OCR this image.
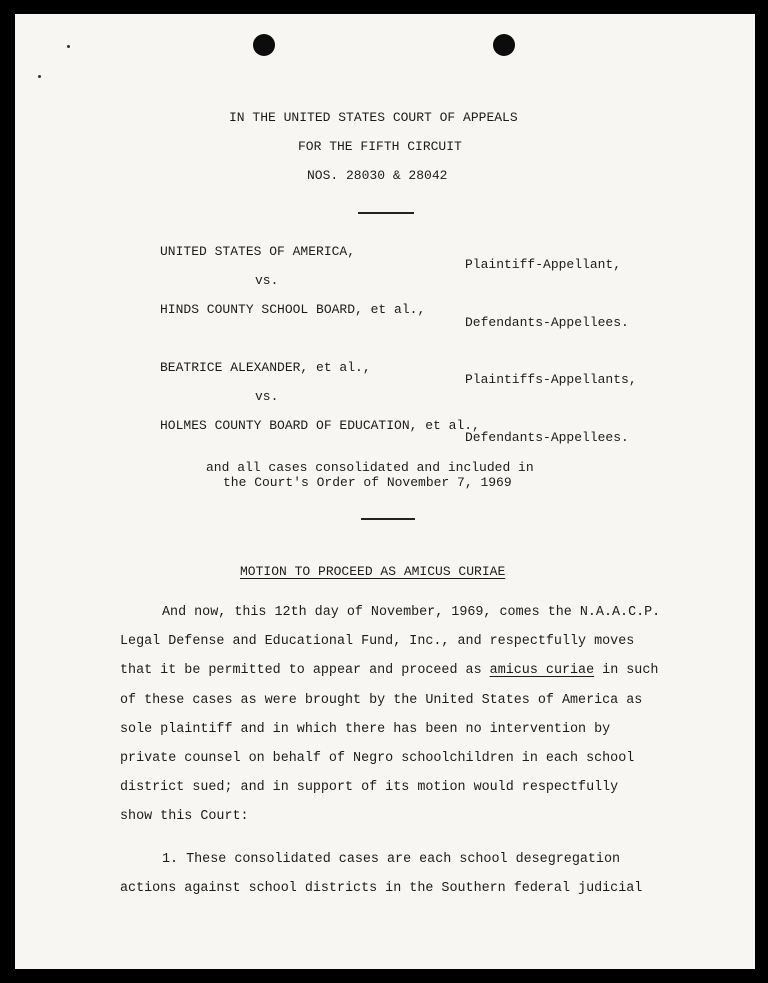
IN THE UNITED STATES COURT OF APPEALS
FOR THE FIFTH CIRCUIT
NOS. 28030 & 28042
UNITED STATES OF AMERICA,
Plaintiff-Appellant,
vs.
HINDS COUNTY SCHOOL BOARD, et al.,
Defendants-Appellees.
BEATRICE ALEXANDER, et al.,
Plaintiffs-Appellants,
vs.
HOLMES COUNTY BOARD OF EDUCATION, et al.,
Defendants-Appellees.
and all cases consolidated and included in
the Court's Order of November 7, 1969
MOTION TO PROCEED AS AMICUS CURIAE
And now, this 12th day of November, 1969, comes the N.A.A.C.P.
Legal Defense and Educational Fund, Inc., and respectfully moves
that it be permitted to appear and proceed as amicus curiae in such
of these cases as were brought by the United States of America as
sole plaintiff and in which there has been no intervention by
private counsel on behalf of Negro schoolchildren in each school
district sued; and in support of its motion would respectfully
show this Court:
1. These consolidated cases are each school desegregation
actions against school districts in the Southern federal judicial
